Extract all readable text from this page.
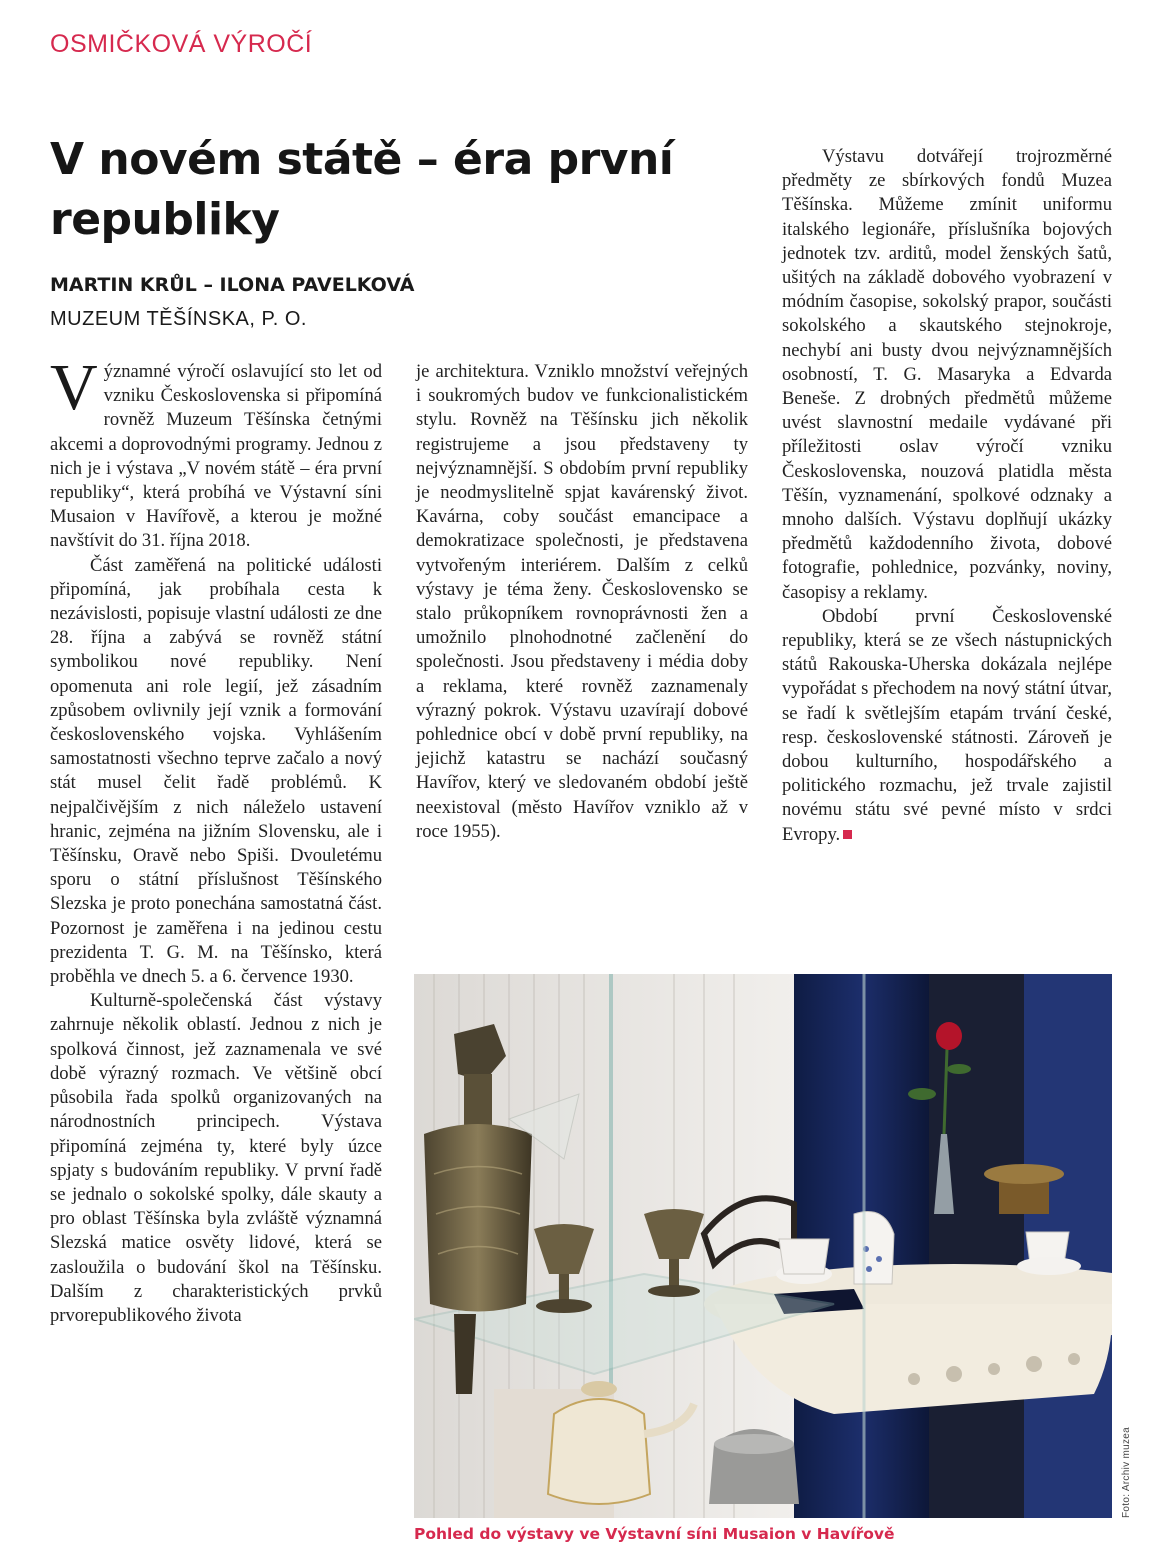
OSMIČKOVÁ VÝROČÍ
V novém státě – éra první republiky
MARTIN KRŮL – ILONA PAVELKOVÁ
MUZEUM TĚŠÍNSKA, P. O.

Významné výročí oslavující sto let od vzniku Československa si připomíná rovněž Muzeum Těšínska četnými akcemi a doprovodnými programy. Jednou z nich je i výstava „V novém státě – éra první republiky“, která probíhá ve Výstavní síni Musaion v Havířově, a kterou je možné navštívit do 31. října 2018.

Část zaměřená na politické události připomíná, jak probíhala cesta k nezávislosti, popisuje vlastní události ze dne 28. října a zabývá se rovněž státní symbolikou nové republiky. Není opomenuta ani role legií, jež zásadním způsobem ovlivnily její vznik a formování československého vojska. Vyhlášením samostatnosti všechno teprve začalo a nový stát musel čelit řadě problémů. K nejpalčivějším z nich náleželo ustavení hranic, zejména na jižním Slovensku, ale i Těšínsku, Oravě nebo Spiši. Dvouletému sporu o státní příslušnost Těšínského Slezska je proto ponechána samostatná část. Pozornost je zaměřena i na jedinou cestu prezidenta T. G. M. na Těšínsko, která proběhla ve dnech 5. a 6. července 1930.

Kulturně-společenská část výstavy zahrnuje několik oblastí. Jednou z nich je spolková činnost, jež zaznamenala ve své době výrazný rozmach. Ve většině obcí působila řada spolků organizovaných na národnostních principech. Výstava připomíná zejména ty, které byly úzce spjaty s budováním republiky. V první řadě se jednalo o sokolské spolky, dále skauty a pro oblast Těšínska byla zvláště významná Slezská matice osvěty lidové, která se zasloužila o budování škol na Těšínsku. Dalším z charakteristických prvků prvorepublikového života

je architektura. Vzniklo množství veřejných i soukromých budov ve funkcionalistickém stylu. Rovněž na Těšínsku jich několik registrujeme a jsou představeny ty nejvýznamnější. S obdobím první republiky je neodmyslitelně spjat kavárenský život. Kavárna, coby součást emancipace a demokratizace společnosti, je představena vytvořeným interiérem. Dalším z celků výstavy je téma ženy. Československo se stalo průkopníkem rovnoprávnosti žen a umožnilo plnohodnotné začlenění do společnosti. Jsou představeny i média doby a reklama, které rovněž zaznamenaly výrazný pokrok. Výstavu uzavírají dobové pohlednice obcí v době první republiky, na jejichž katastru se nachází současný Havířov, který ve sledovaném období ještě neexistoval (město Havířov vzniklo až v roce 1955).

Výstavu dotvářejí trojrozměrné předměty ze sbírkových fondů Muzea Těšínska. Můžeme zmínit uniformu italského legionáře, příslušníka bojových jednotek tzv. arditů, model ženských šatů, ušitých na základě dobového vyobrazení v módním časopise, sokolský prapor, součásti sokolského a skautského stejnokroje, nechybí ani busty dvou nejvýznamnějších osobností, T. G. Masaryka a Edvarda Beneše. Z drobných předmětů můžeme uvést slavnostní medaile vydávané při příležitosti oslav výročí vzniku Československa, nouzová platidla města Těšín, vyznamenání, spolkové odznaky a mnoho dalších. Výstavu doplňují ukázky předmětů každodenního života, dobové fotografie, pohlednice, pozvánky, noviny, časopisy a reklamy.

Období první Československé republiky, která se ze všech nástupnických států Rakouska-Uherska dokázala nejlépe vypořádat s přechodem na nový státní útvar, se řadí k světlejším etapám trvání české, resp. československé státnosti. Zároveň je dobou kulturního, hospodářského a politického rozmachu, jež trvale zajistil novému státu své pevné místo v srdci Evropy.

Foto: Archiv muzea
Pohled do výstavy ve Výstavní síni Musaion v Havířově
